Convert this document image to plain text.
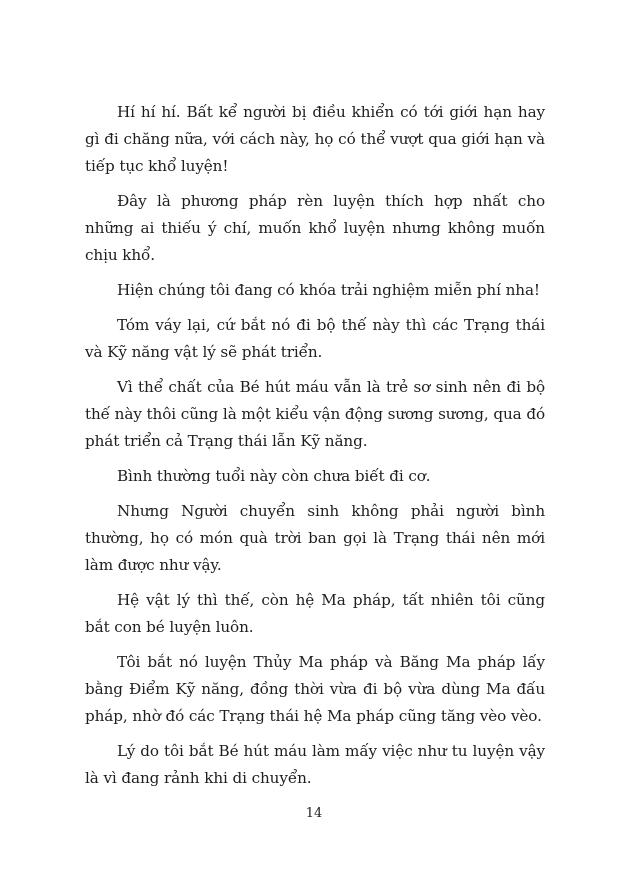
Hí hí hí. Bất kể người bị điều khiển có tới giới hạn hay gì đi chăng nữa, với cách này, họ có thể vượt qua giới hạn và tiếp tục khổ luyện!

Đây là phương pháp rèn luyện thích hợp nhất cho những ai thiếu ý chí, muốn khổ luyện nhưng không muốn chịu khổ.

Hiện chúng tôi đang có khóa trải nghiệm miễn phí nha!

Tóm váy lại, cứ bắt nó đi bộ thế này thì các Trạng thái và Kỹ năng vật lý sẽ phát triển.

Vì thể chất của Bé hút máu vẫn là trẻ sơ sinh nên đi bộ thế này thôi cũng là một kiểu vận động sương sương, qua đó phát triển cả Trạng thái lẫn Kỹ năng.

Bình thường tuổi này còn chưa biết đi cơ.

Nhưng Người chuyển sinh không phải người bình thường, họ có món quà trời ban gọi là Trạng thái nên mới làm được như vậy.

Hệ vật lý thì thế, còn hệ Ma pháp, tất nhiên tôi cũng bắt con bé luyện luôn.

Tôi bắt nó luyện Thủy Ma pháp và Băng Ma pháp lấy bằng Điểm Kỹ năng, đồng thời vừa đi bộ vừa dùng Ma đấu pháp, nhờ đó các Trạng thái hệ Ma pháp cũng tăng vèo vèo.

Lý do tôi bắt Bé hút máu làm mấy việc như tu luyện vậy là vì đang rảnh khi di chuyển.

14
